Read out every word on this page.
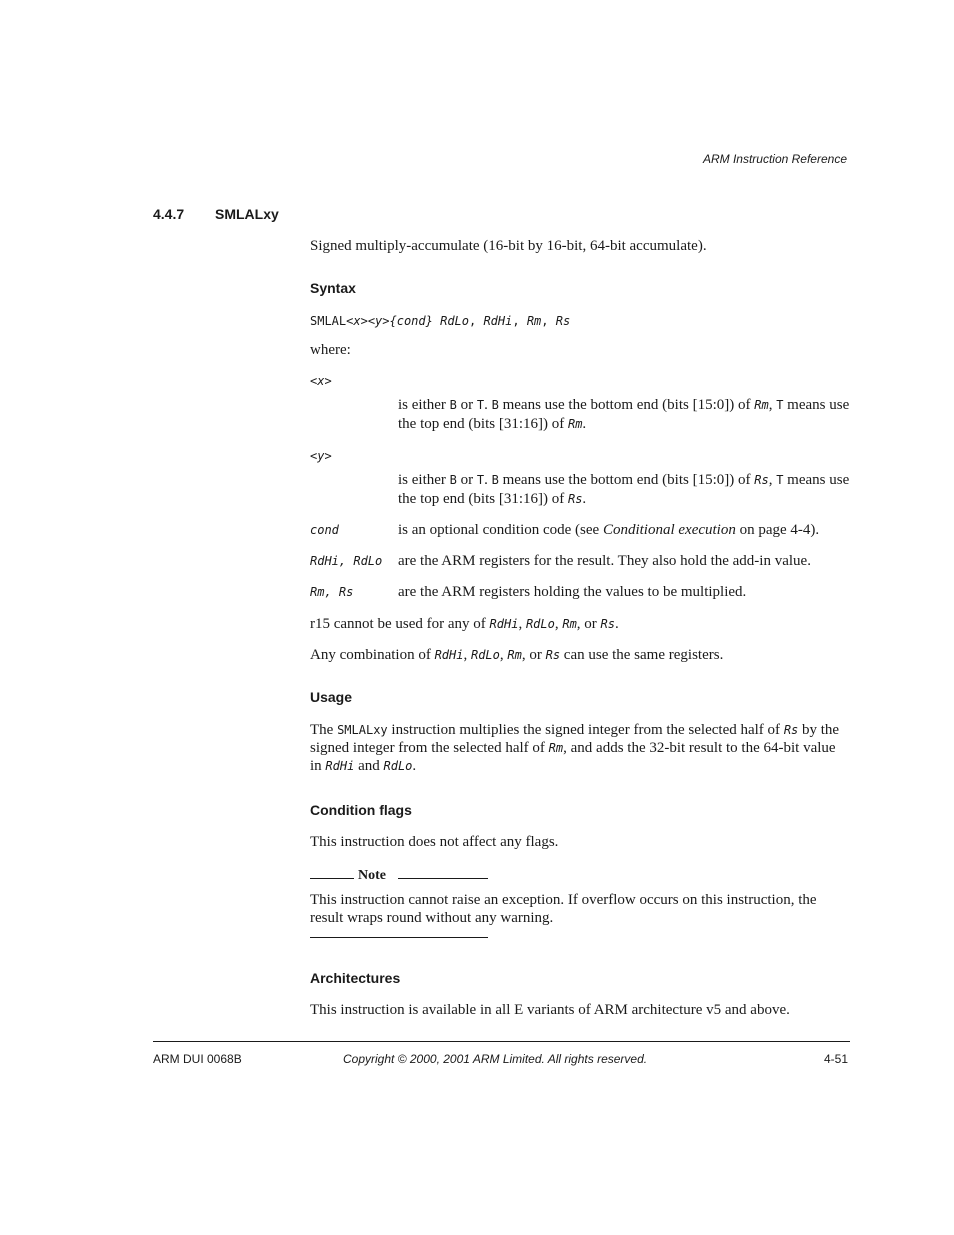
ARM Instruction Reference
4.4.7 SMLALxy
Signed multiply-accumulate (16-bit by 16-bit, 64-bit accumulate).
Syntax
SMLAL<x><y>{cond} RdLo, RdHi, Rm, Rs
where:
<x>
is either B or T. B means use the bottom end (bits [15:0]) of Rm, T means use the top end (bits [31:16]) of Rm.
<y>
is either B or T. B means use the bottom end (bits [15:0]) of Rs, T means use the top end (bits [31:16]) of Rs.
cond	is an optional condition code (see Conditional execution on page 4-4).
RdHi, RdLo are the ARM registers for the result. They also hold the add-in value.
Rm, Rs	are the ARM registers holding the values to be multiplied.
r15 cannot be used for any of RdHi, RdLo, Rm, or Rs.
Any combination of RdHi, RdLo, Rm, or Rs can use the same registers.
Usage
The SMLALxy instruction multiplies the signed integer from the selected half of Rs by the signed integer from the selected half of Rm, and adds the 32-bit result to the 64-bit value in RdHi and RdLo.
Condition flags
This instruction does not affect any flags.
Note
This instruction cannot raise an exception. If overflow occurs on this instruction, the result wraps round without any warning.
Architectures
This instruction is available in all E variants of ARM architecture v5 and above.
ARM DUI 0068B	Copyright © 2000, 2001 ARM Limited. All rights reserved.	4-51
